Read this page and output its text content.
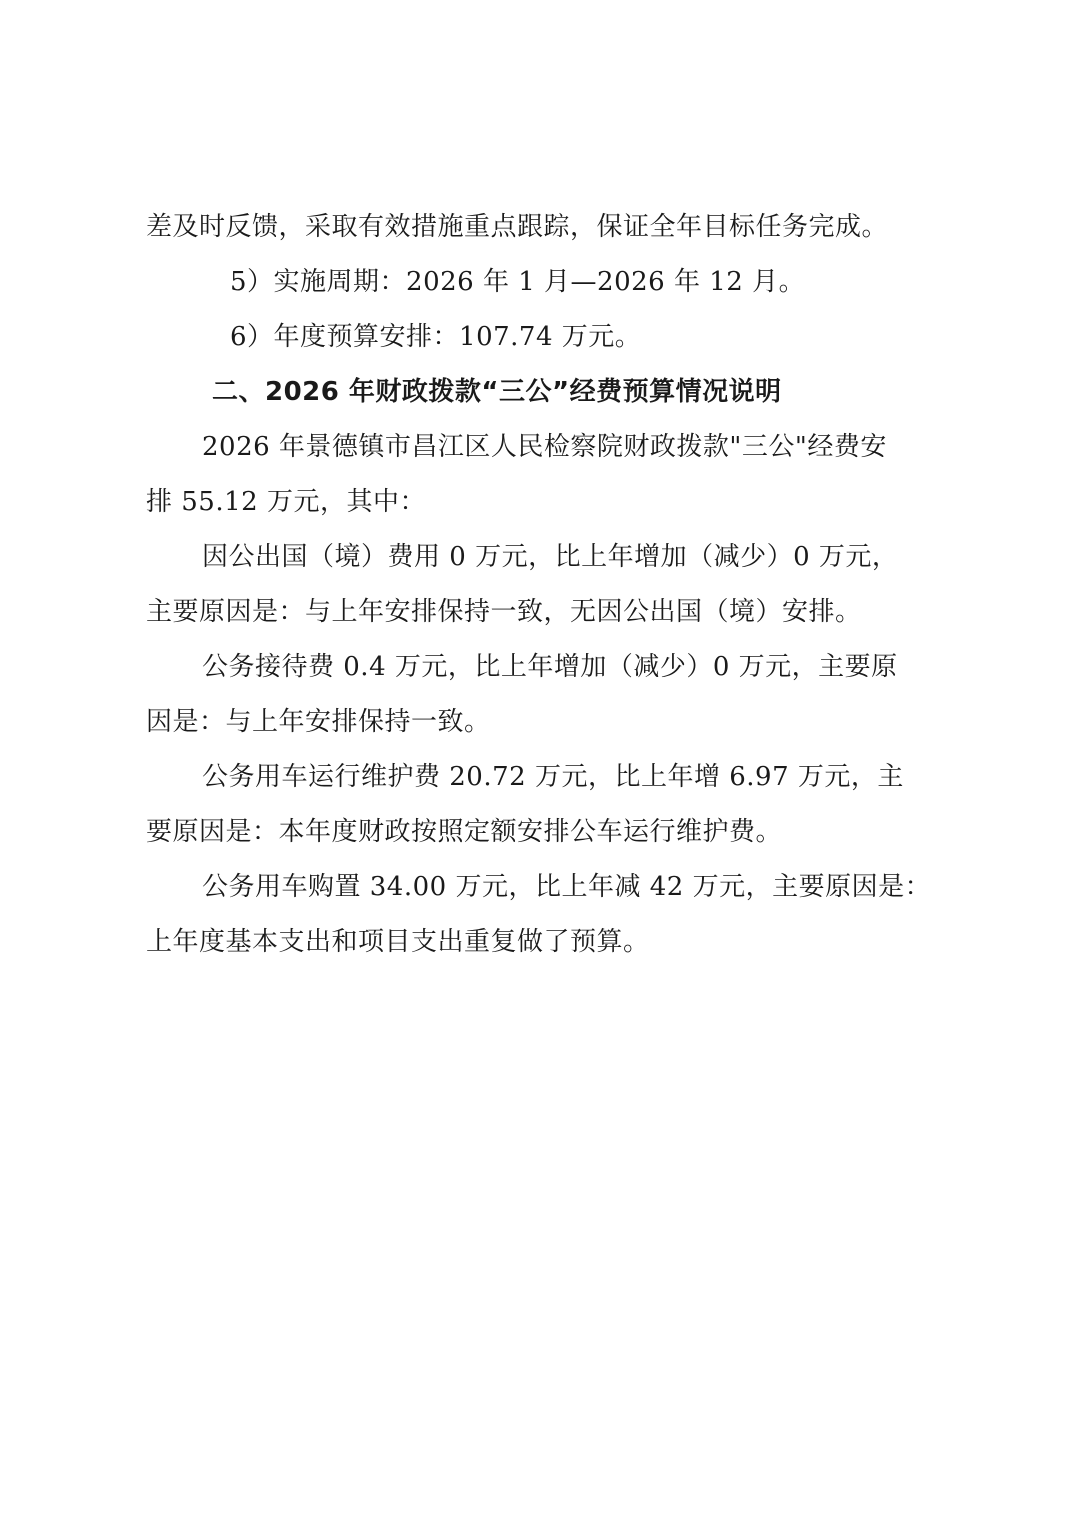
差及时反馈，采取有效措施重点跟踪，保证全年目标任务完成。
5）实施周期：2026 年 1 月—2026 年 12 月。
6）年度预算安排：107.74 万元。
二、2026 年财政拨款“三公”经费预算情况说明
2026 年景德镇市昌江区人民检察院财政拨款"三公"经费安
排 55.12 万元，其中：
因公出国（境）费用 0 万元，比上年增加（减少）0 万元，
主要原因是：与上年安排保持一致，无因公出国（境）安排。
公务接待费 0.4 万元，比上年增加（减少）0 万元，主要原
因是：与上年安排保持一致。
公务用车运行维护费 20.72 万元，比上年增 6.97 万元，主
要原因是：本年度财政按照定额安排公车运行维护费。
公务用车购置 34.00 万元，比上年减 42 万元，主要原因是：
上年度基本支出和项目支出重复做了预算。
